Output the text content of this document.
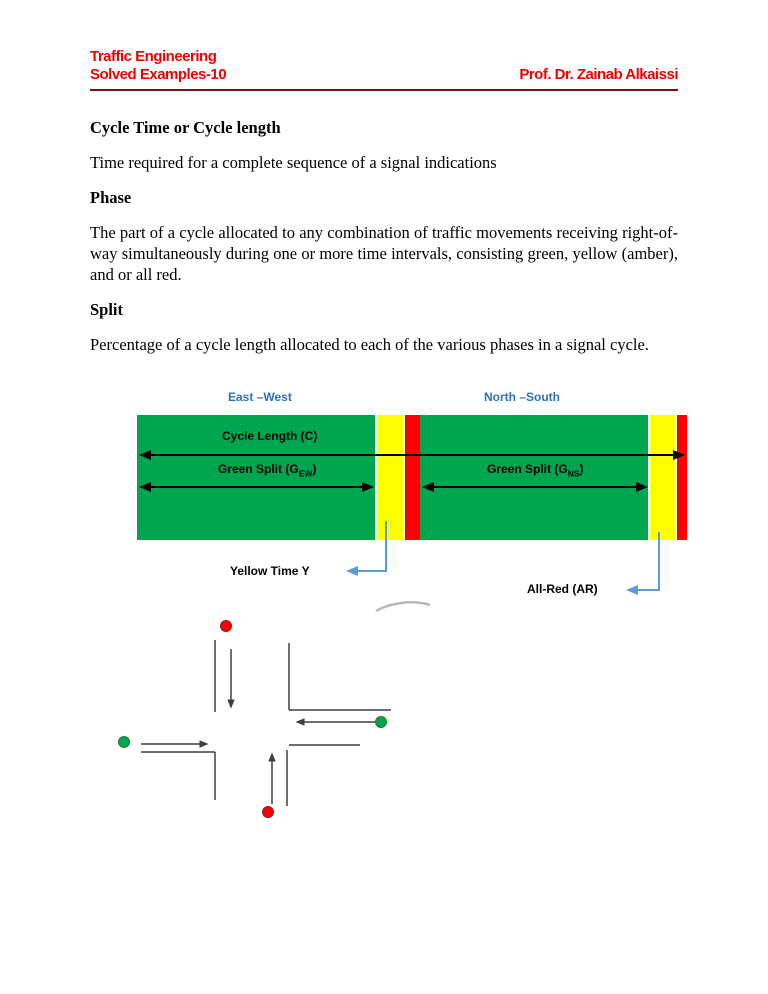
Traffic Engineering
Solved Examples-10	Prof. Dr. Zainab Alkaissi
Cycle Time or Cycle length

Time required for a complete sequence of a signal indications

Phase

The part of a cycle allocated to any combination of traffic movements receiving right-of-way simultaneously during one or more time intervals, consisting green, yellow (amber), and or all red.

Split

Percentage of a cycle length allocated to each of the various phases in a signal cycle.

East –West	North –South
Cycle Length (C)
Green Split $(G_{EW})$	Green Split $(G_{NS})$
Yellow Time Y
All-Red (AR)
